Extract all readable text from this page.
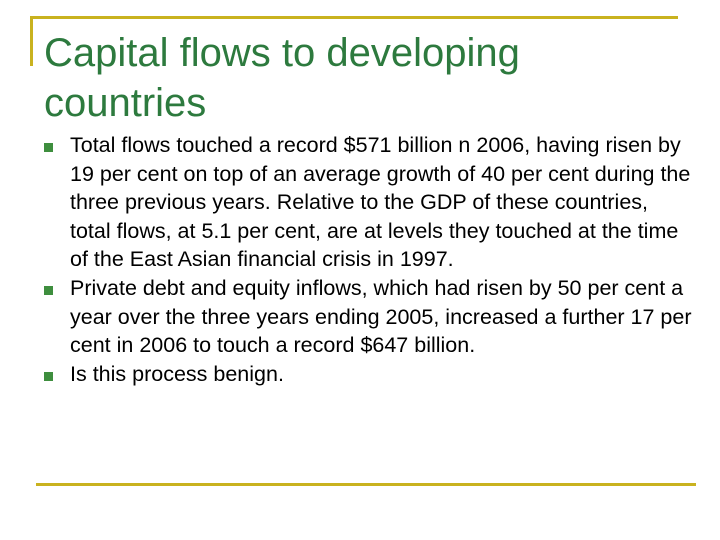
Capital flows to developing countries
Total flows touched a record $571 billion n 2006, having risen by 19 per cent on top of an average growth of 40 per cent during the three previous years. Relative to the GDP of these countries, total flows, at 5.1 per cent, are at levels they touched at the time of the East Asian financial crisis in 1997.
Private debt and equity inflows, which had risen by 50 per cent a year over the three years ending 2005, increased a further 17 per cent in 2006 to touch a record $647 billion.
Is this process benign.
